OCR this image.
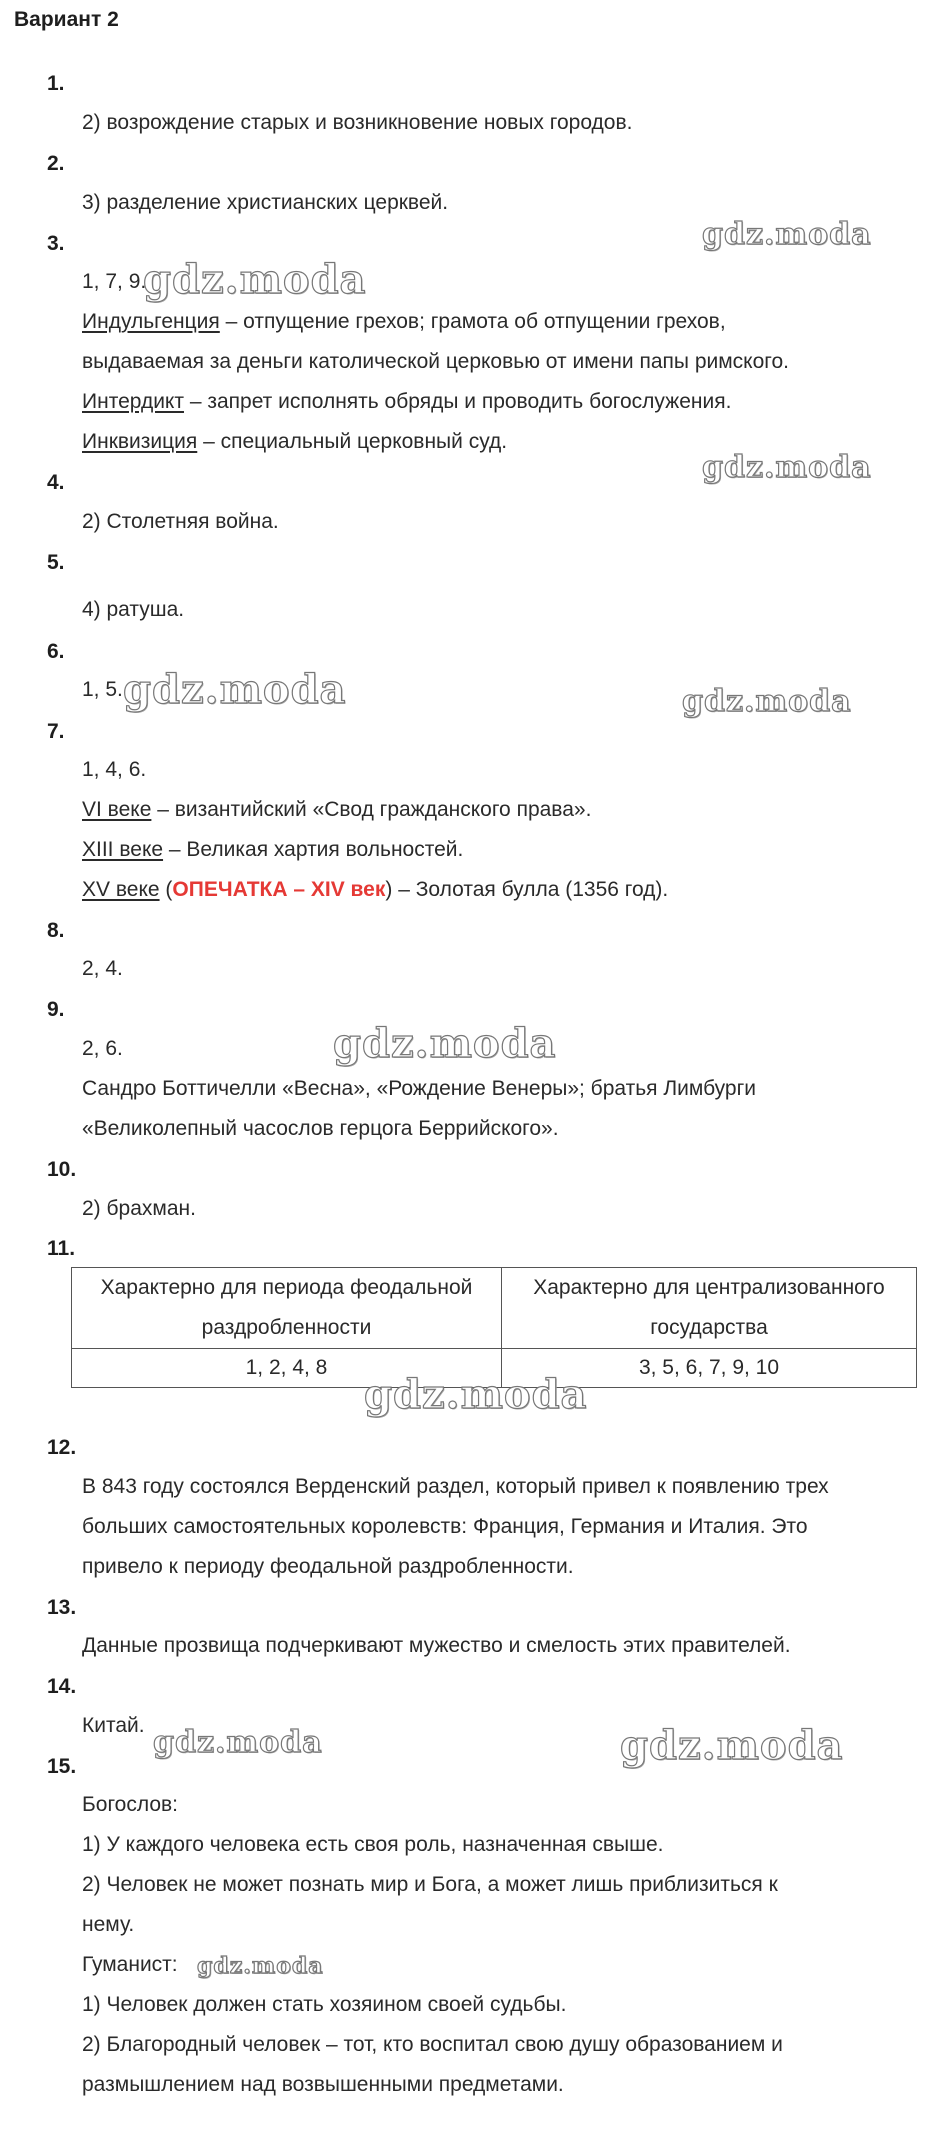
Вариант 2
1.
2) возрождение старых и возникновение новых городов.
2.
3) разделение христианских церквей.
3.
1, 7, 9.
Индульгенция – отпущение грехов; грамота об отпущении грехов,
выдаваемая за деньги католической церковью от имени папы римского.
Интердикт – запрет исполнять обряды и проводить богослужения.
Инквизиция – специальный церковный суд.
4.
2) Столетняя война.
5.
4) ратуша.
6.
1, 5.
7.
1, 4, 6.
VI веке – византийский «Свод гражданского права».
XIII веке – Великая хартия вольностей.
XV веке (ОПЕЧАТКА – XIV век) – Золотая булла (1356 год).
8.
2, 4.
9.
2, 6.
Сандро Боттичелли «Весна», «Рождение Венеры»; братья Лимбурги
«Великолепный часослов герцога Беррийского».
10.
2) брахман.
11.
Характерно для периода феодальной раздробленности	Характерно для централизованного государства
1, 2, 4, 8	3, 5, 6, 7, 9, 10
12.
В 843 году состоялся Верденский раздел, который привел к появлению трех
больших самостоятельных королевств: Франция, Германия и Италия. Это
привело к периоду феодальной раздробленности.
13.
Данные прозвища подчеркивают мужество и смелость этих правителей.
14.
Китай.
15.
Богослов:
1) У каждого человека есть своя роль, назначенная свыше.
2) Человек не может познать мир и Бога, а может лишь приблизиться к
нему.
Гуманист:
1) Человек должен стать хозяином своей судьбы.
2) Благородный человек – тот, кто воспитал свою душу образованием и
размышлением над возвышенными предметами.
gdz.moda
gdz.moda
gdz.moda
gdz.moda	gdz.moda
gdz.moda
gdz.moda
gdz.moda	gdz.moda
gdz.moda
